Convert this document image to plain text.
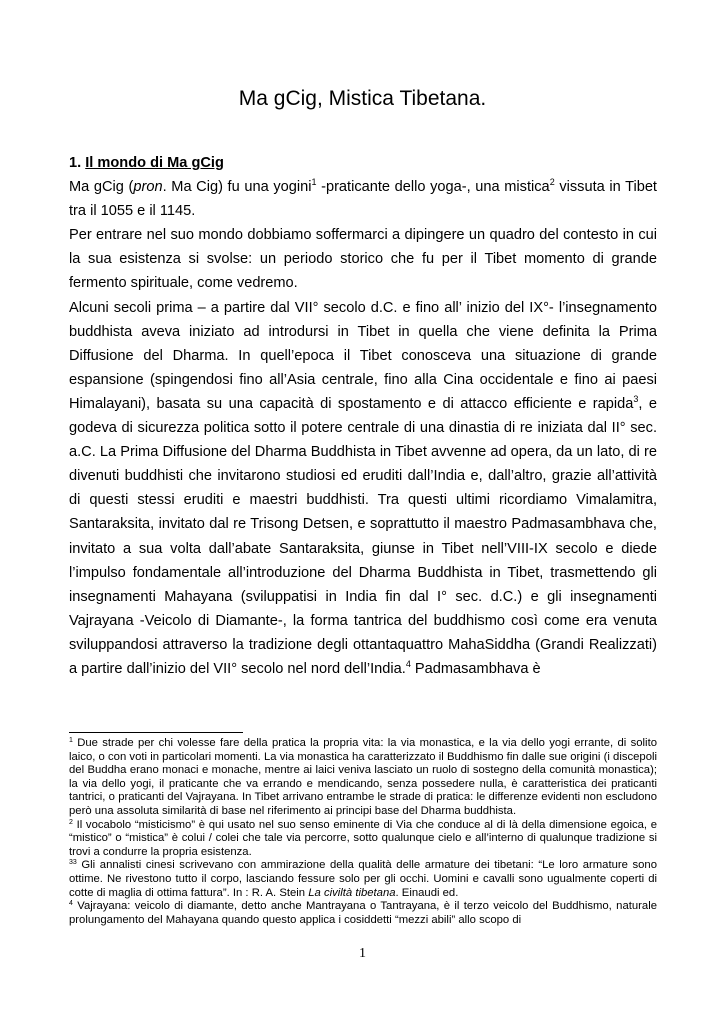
Ma gCig, Mistica Tibetana.

1. Il mondo di Ma gCig

Ma gCig (pron. Ma Cig) fu una yogini$^1$ -praticante dello yoga-, una mistica$^2$ vissuta in Tibet tra il 1055 e il 1145.

Per entrare nel suo mondo dobbiamo soffermarci a dipingere un quadro del contesto in cui la sua esistenza si svolse: un periodo storico che fu per il Tibet momento di grande fermento spirituale, come vedremo.

Alcuni secoli prima – a partire dal VII° secolo d.C. e fino all’ inizio del IX°- l’insegnamento buddhista aveva iniziato ad introdursi in Tibet in quella che viene definita la Prima Diffusione del Dharma. In quell’epoca il Tibet conosceva una situazione di grande espansione (spingendosi fino all’Asia centrale, fino alla Cina occidentale e fino ai paesi Himalayani), basata su una capacità di spostamento e di attacco efficiente e rapida$^3$, e godeva di sicurezza politica sotto il potere centrale di una dinastia di re iniziata dal II° sec. a.C. La Prima Diffusione del Dharma Buddhista in Tibet avvenne ad opera, da un lato, di re divenuti buddhisti che invitarono studiosi ed eruditi dall’India e, dall’altro, grazie all’attività di questi stessi eruditi e maestri buddhisti. Tra questi ultimi ricordiamo Vimalamitra, Santaraksita, invitato dal re Trisong Detsen, e soprattutto il maestro Padmasambhava che, invitato a sua volta dall’abate Santaraksita, giunse in Tibet nell’VIII-IX secolo e diede l’impulso fondamentale all’introduzione del Dharma Buddhista in Tibet, trasmettendo gli insegnamenti Mahayana (sviluppatisi in India fin dal I° sec. d.C.) e gli insegnamenti Vajrayana -Veicolo di Diamante-, la forma tantrica del buddhismo così come era venuta sviluppandosi attraverso la tradizione degli ottantaquattro MahaSiddha (Grandi Realizzati) a partire dall’inizio del VII° secolo nel nord dell’India.$^4$ Padmasambhava è

$^1$ Due strade per chi volesse fare della pratica la propria vita: la via monastica, e la via dello yogi errante, di solito laico, o con voti in particolari momenti. La via monastica ha caratterizzato il Buddhismo fin dalle sue origini (i discepoli del Buddha erano monaci e monache, mentre ai laici veniva lasciato un ruolo di sostegno della comunità monastica); la via dello yogi, il praticante che va errando e mendicando, senza possedere nulla, è caratteristica dei praticanti tantrici, o praticanti del Vajrayana. In Tibet arrivano entrambe le strade di pratica: le differenze evidenti non escludono però una assoluta similarità di base nel riferimento ai principi base del Dharma buddhista.

$^2$ Il vocabolo “misticismo” è qui usato nel suo senso eminente di Via che conduce al di là della dimensione egoica, e “mistico” o “mistica” è colui / colei che tale via percorre, sotto qualunque cielo e all’interno di qualunque tradizione si trovi a condurre la propria esistenza.

$^{33}$ Gli annalisti cinesi scrivevano con ammirazione della qualità delle armature dei tibetani: “Le loro armature sono ottime. Ne rivestono tutto il corpo, lasciando fessure solo per gli occhi. Uomini e cavalli sono ugualmente coperti di cotte di maglia di ottima fattura”. In : R. A. Stein La civiltà tibetana. Einaudi ed.

$^4$ Vajrayana: veicolo di diamante, detto anche Mantrayana o Tantrayana, è il terzo veicolo del Buddhismo, naturale prolungamento del Mahayana quando questo applica i cosiddetti “mezzi abili” allo scopo di

1
